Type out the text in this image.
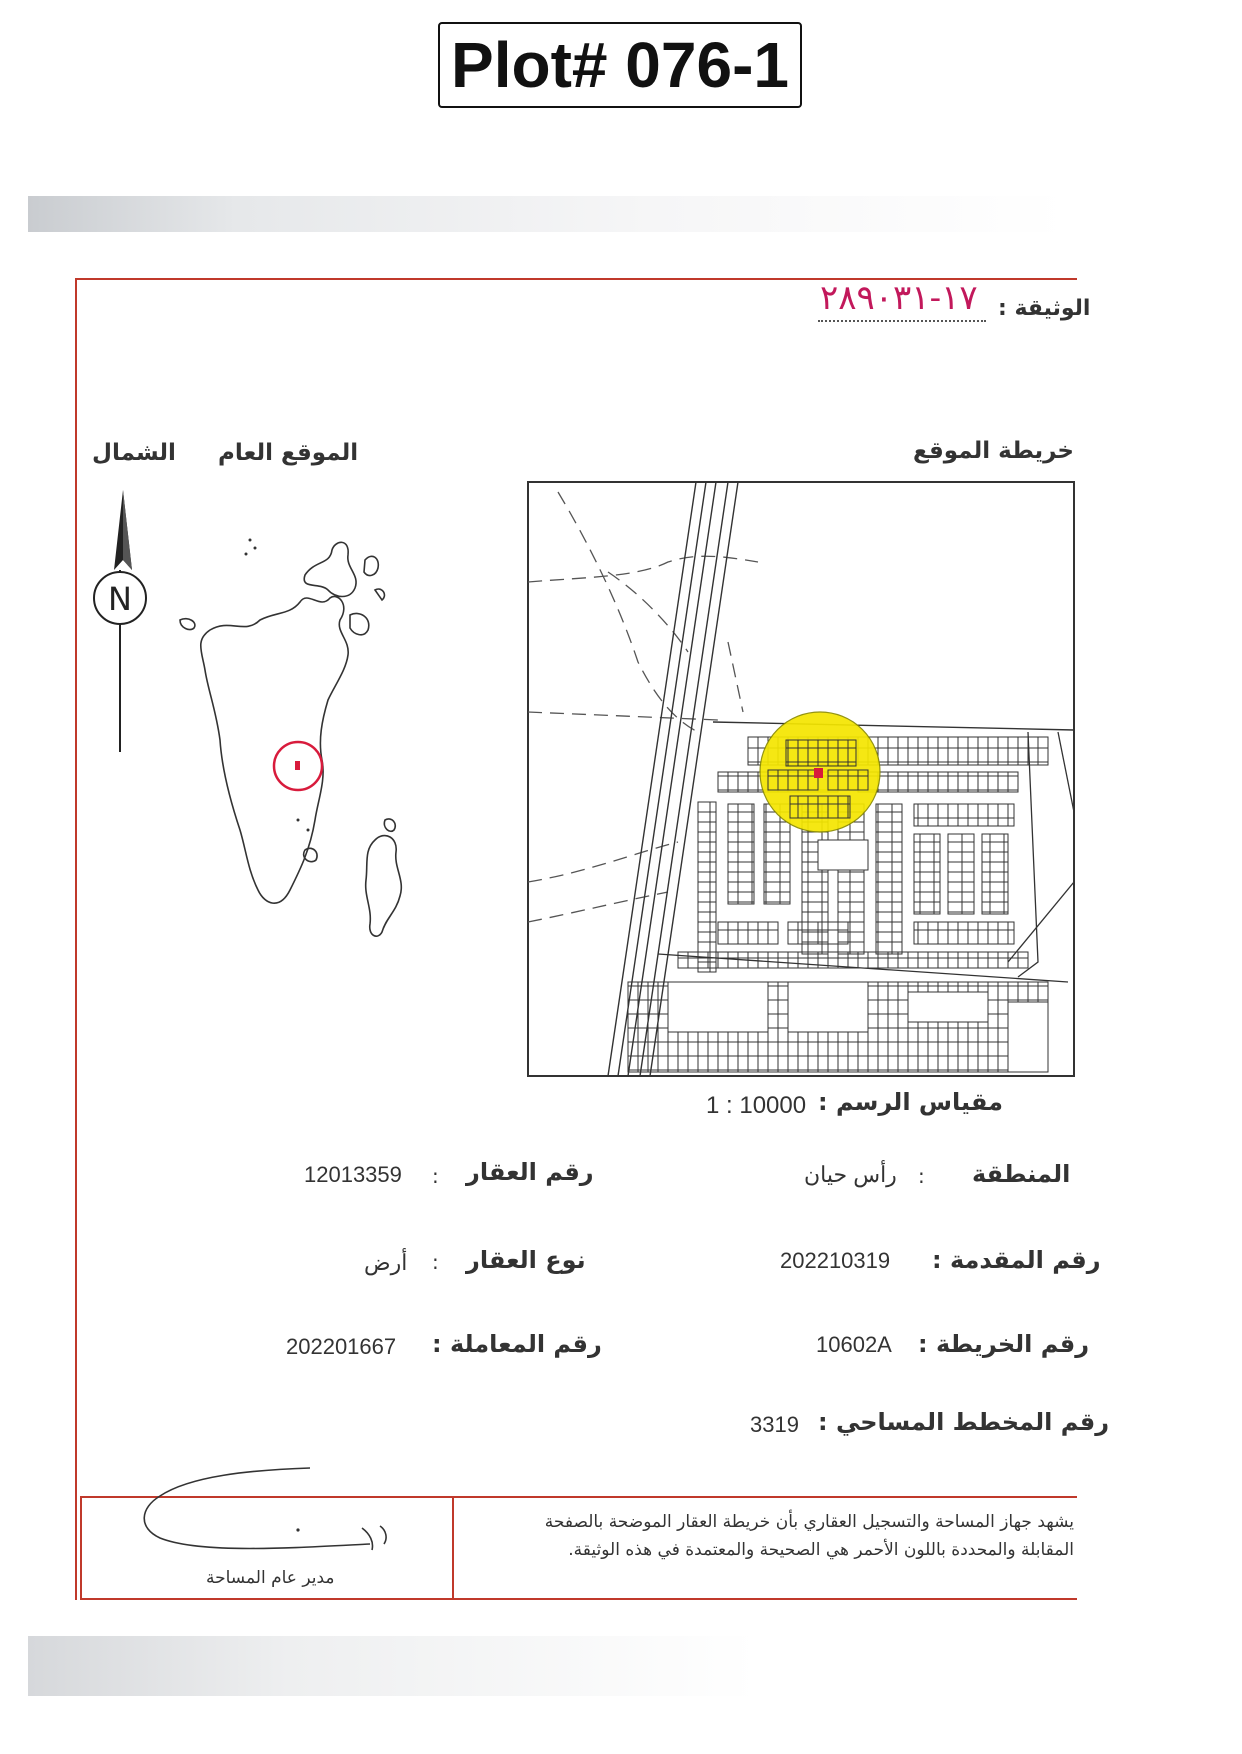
Plot# 076-1
الوثيقة :
١٧-٢٨٩٠٣١
خريطة الموقع
الموقع العام
الشمال
N
مقياس الرسم :
1 : 10000
المنطقة
:
رأس حيان
رقم العقار
:
12013359
رقم المقدمة :
202210319
نوع العقار
:
أرض
رقم الخريطة :
10602A
رقم المعاملة :
202201667
رقم المخطط المساحي :
3319
يشهد جهاز المساحة والتسجيل العقاري بأن خريطة العقار الموضحة بالصفحة
المقابلة والمحددة باللون الأحمر هي الصحيحة والمعتمدة في هذه الوثيقة.
مدير عام المساحة
